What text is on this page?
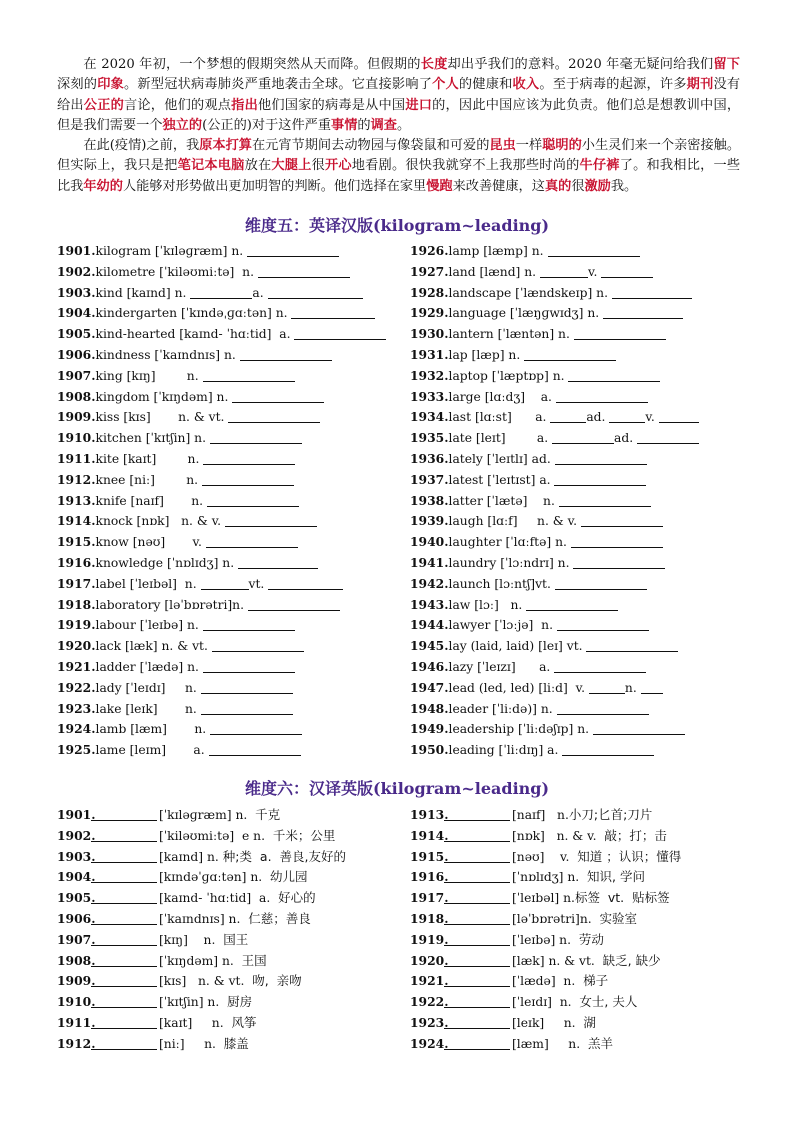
在 2020 年初，一个梦想的假期突然从天而降。但假期的长度却出乎我们的意料。2020 年毫无疑问给我们留下深刻的印象。新型冠状病毒肺炎严重地袭击全球。它直接影响了个人的健康和收入。至于病毒的起源，许多期刊没有给出公正的言论，他们的观点指出他们国家的病毒是从中国进口的，因此中国应该为此负责。他们总是想教训中国，但是我们需要一个独立的(公正的)对于这件严重事情的调查。

在此(疫情)之前，我原本打算在元宵节期间去动物园与像袋鼠和可爱的昆虫一样聪明的小生灵们来一个亲密接触。但实际上，我只是把笔记本电脑放在大腿上很开心地看剧。很快我就穿不上我那些时尚的牛仔裤了。和我相比，一些比我年幼的人能够对形势做出更加明智的判断。他们选择在家里慢跑来改善健康，这真的很激励我。

维度五：英译汉版(kilogram~leading)
1901.kilogram [ˈkɪləɡræm] n.
1902.kilometre [ˈkiləʊmiːtə]  n.
1903.kind [kaɪnd] n.	a.
1904.kindergarten [ˈkɪndəˌɡɑːtən] n.
1905.kind-hearted [kaɪnd- ˈhɑːtid]  a.
1906.kindness [ˈkaɪndnɪs] n.
1907.king [kɪŋ]        n.
1908.kingdom [ˈkɪŋdəm] n.
1909.kiss [kɪs]       n. & vt.
1910.kitchen [ˈkɪtʃin] n.
1911.kite [kaɪt]        n.
1912.knee [niː]        n.
1913.knife [naɪf]       n.
1914.knock [nɒk]   n. & v.
1915.know [nəʊ]       v.
1916.knowledge [ˈnɒlɪdʒ] n.
1917.label [ˈleɪbəl]  n.	vt.
1918.laboratory [ləˈbɒrətri]n.
1919.labour [ˈleɪbə] n.
1920.lack [læk] n. & vt.
1921.ladder [ˈlædə] n.
1922.lady [ˈleɪdɪ]     n.
1923.lake [leɪk]       n.
1924.lamb [læm]       n.
1925.lame [leɪm]       a.
1926.lamp [læmp] n.
1927.land [lænd] n.	v.
1928.landscape [ˈlændskeɪp] n.
1929.language [ˈlæŋɡwɪdʒ] n.
1930.lantern [ˈlæntən] n.
1931.lap [læp] n.
1932.laptop [ˈlæptɒp] n.
1933.large [lɑːdʒ]    a.
1934.last [lɑːst]      a.	ad.	v.
1935.late [leɪt]        a.	ad.
1936.lately [ˈleɪtlɪ] ad.
1937.latest [ˈleɪtɪst] a.
1938.latter [ˈlætə]    n.
1939.laugh [lɑːf]     n. & v.
1940.laughter [ˈlɑːftə] n.
1941.laundry [ˈlɔːndrɪ] n.
1942.launch [lɔːntʃ]vt.
1943.law [lɔː]   n.
1944.lawyer [ˈlɔːjə]  n.
1945.lay (laid, laid) [leɪ] vt.
1946.lazy [ˈleɪzɪ]      a.
1947.lead (led, led) [liːd]  v.	n.
1948.leader [ˈliːdə)] n.
1949.leadership [ˈliːdəʃɪp] n.
1950.leading [ˈliːdɪŋ] a.
维度六：汉译英版(kilogram~leading)
1901.	[ˈkɪləɡræm] n.  千克
1902.	[ˈkiləʊmiːtə]  e n.  千米；公里
1903.	[kaɪnd] n. 种;类  a.  善良,友好的
1904.	[kɪndəˈɡɑːtən] n.  幼儿园
1905.	[kaɪnd- ˈhɑːtid]  a.  好心的
1906.	[ˈkaɪndnɪs] n.  仁慈；善良
1907.	[kɪŋ]    n.  国王
1908.	[ˈkɪŋdəm] n.  王国
1909.	[kɪs]   n. & vt.  吻,  亲吻
1910.	[ˈkɪtʃin] n.  厨房
1911.	[kaɪt]     n.  风筝
1912.	[niː]     n.  膝盖
1913.	[naɪf]   n.小刀;匕首;刀片
1914.	[nɒk]   n. & v.  敲；打；击
1915.	[nəʊ]    v.  知道 ；认识；懂得
1916.	[ˈnɒlɪdʒ] n.  知识, 学问
1917.	[ˈleɪbəl] n.标签  vt.  贴标签
1918.	[ləˈbɒrətri]n.  实验室
1919.	[ˈleɪbə] n.  劳动
1920.	[læk] n. & vt.  缺乏, 缺少
1921.	[ˈlædə]  n.  梯子
1922.	[ˈleɪdɪ]  n.  女士, 夫人
1923.	[leɪk]     n.  湖
1924.	[læm]     n.  羔羊
